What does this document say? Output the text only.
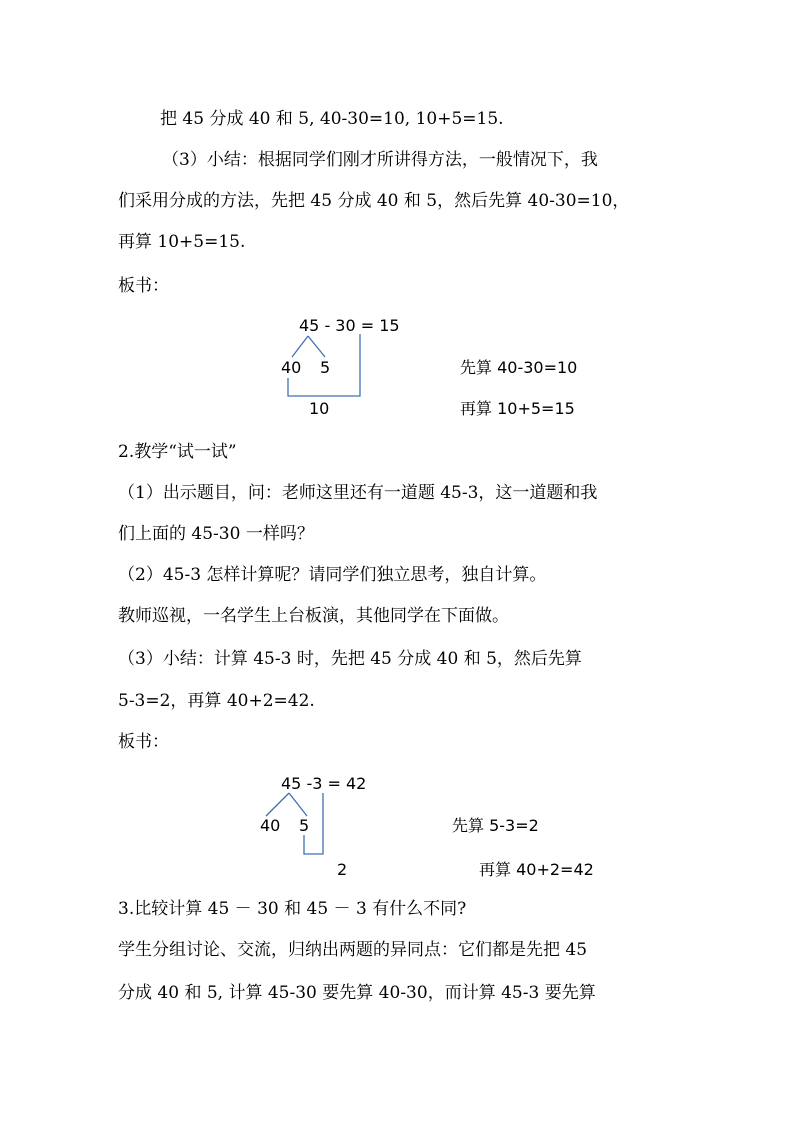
把 45 分成 40 和 5, 40-30=10, 10+5=15.
（3）小结：根据同学们刚才所讲得方法，一般情况下，我
们采用分成的方法，先把 45 分成 40 和 5，然后先算 40-30=10，
再算 10+5=15.
板书：
45 - 30 = 15
40 5
10
先算 40-30=10
再算 10+5=15
2.教学“试一试”
（1）出示题目，问：老师这里还有一道题 45-3，这一道题和我
们上面的 45-30 一样吗？
（2）45-3 怎样计算呢？请同学们独立思考，独自计算。
教师巡视，一名学生上台板演，其他同学在下面做。
（3）小结：计算 45-3 时，先把 45 分成 40 和 5，然后先算
5-3=2，再算 40+2=42.
板书：
45 -3 = 42
40 5
2
先算 5-3=2
再算 40+2=42
3.比较计算 45 － 30 和 45 － 3 有什么不同?
学生分组讨论、交流，归纳出两题的异同点：它们都是先把 45
分成 40 和 5, 计算 45-30 要先算 40-30，而计算 45-3 要先算
